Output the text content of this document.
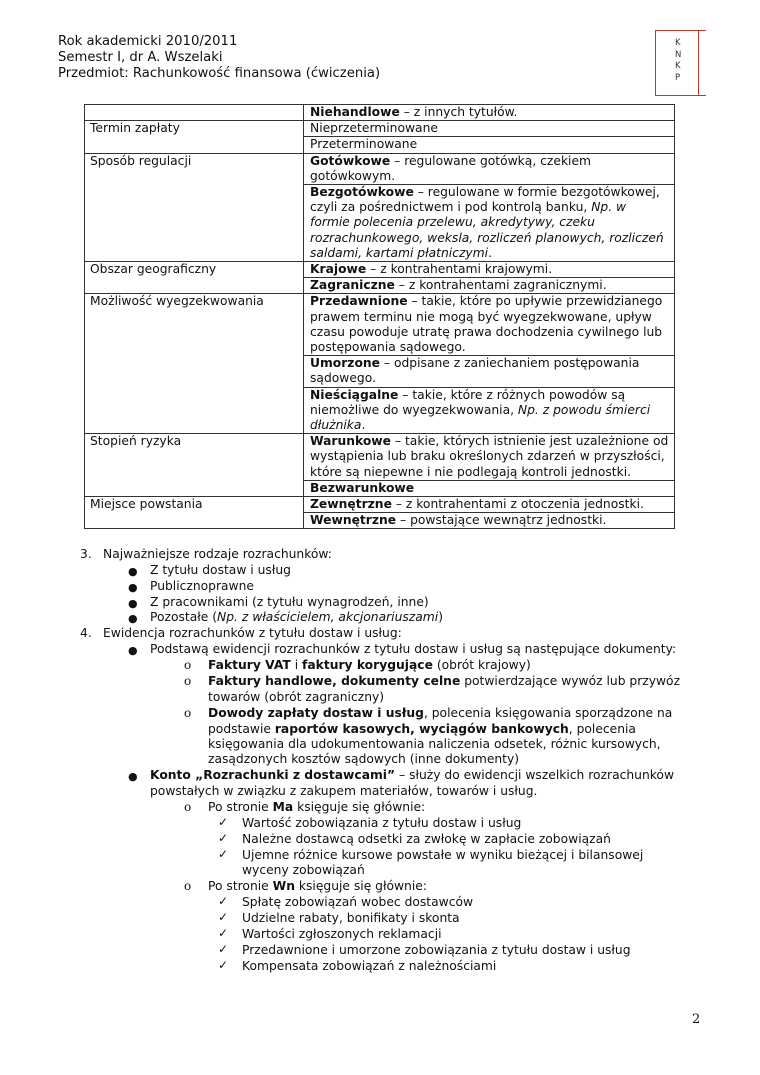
Rok akademicki 2010/2011
Semestr I, dr A. Wszelaki
Przedmiot: Rachunkowość finansowa (ćwiczenia)
K
N
K
P
	Niehandlowe – z innych tytułów.
Termin zapłaty	Nieprzeterminowane
	Przeterminowane
Sposób regulacji	Gotówkowe – regulowane gotówką, czekiem gotówkowym.
	Bezgotówkowe – regulowane w formie bezgotówkowej, czyli za pośrednictwem i pod kontrolą banku, Np. w formie polecenia przelewu, akredytywy, czeku rozrachunkowego, weksla, rozliczeń planowych, rozliczeń saldami, kartami płatniczymi.
Obszar geograficzny	Krajowe – z kontrahentami krajowymi.
	Zagraniczne – z kontrahentami zagranicznymi.
Możliwość wyegzekwowania	Przedawnione – takie, które po upływie przewidzianego prawem terminu nie mogą być wyegzekwowane, upływ czasu powoduje utratę prawa dochodzenia cywilnego lub postępowania sądowego.
	Umorzone – odpisane z zaniechaniem postępowania sądowego.
	Nieściągalne – takie, które z różnych powodów są niemożliwe do wyegzekwowania, Np. z powodu śmierci dłużnika.
Stopień ryzyka	Warunkowe – takie, których istnienie jest uzależnione od wystąpienia lub braku określonych zdarzeń w przyszłości, które są niepewne i nie podlegają kontroli jednostki.
	Bezwarunkowe
Miejsce powstania	Zewnętrzne – z kontrahentami z otoczenia jednostki.
	Wewnętrzne – powstające wewnątrz jednostki.
3. Najważniejsze rodzaje rozrachunków:
● Z tytułu dostaw i usług
● Publicznoprawne
● Z pracownikami (z tytułu wynagrodzeń, inne)
● Pozostałe (Np. z właścicielem, akcjonariuszami)
4. Ewidencja rozrachunków z tytułu dostaw i usług:
● Podstawą ewidencji rozrachunków z tytułu dostaw i usług są następujące dokumenty:
o Faktury VAT i faktury korygujące (obrót krajowy)
o Faktury handlowe, dokumenty celne potwierdzające wywóz lub przywóz
towarów (obrót zagraniczny)
o Dowody zapłaty dostaw i usług, polecenia księgowania sporządzone na
podstawie raportów kasowych, wyciągów bankowych, polecenia
księgowania dla udokumentowania naliczenia odsetek, różnic kursowych,
zasądzonych kosztów sądowych (inne dokumenty)
● Konto „Rozrachunki z dostawcami” – służy do ewidencji wszelkich rozrachunków
powstałych w związku z zakupem materiałów, towarów i usług.
o Po stronie Ma księguje się głównie:
✓ Wartość zobowiązania z tytułu dostaw i usług
✓ Należne dostawcą odsetki za zwłokę w zapłacie zobowiązań
✓ Ujemne różnice kursowe powstałe w wyniku bieżącej i bilansowej
wyceny zobowiązań
o Po stronie Wn księguje się głównie:
✓ Spłatę zobowiązań wobec dostawców
✓ Udzielne rabaty, bonifikaty i skonta
✓ Wartości zgłoszonych reklamacji
✓ Przedawnione i umorzone zobowiązania z tytułu dostaw i usług
✓ Kompensata zobowiązań z należnościami
2
